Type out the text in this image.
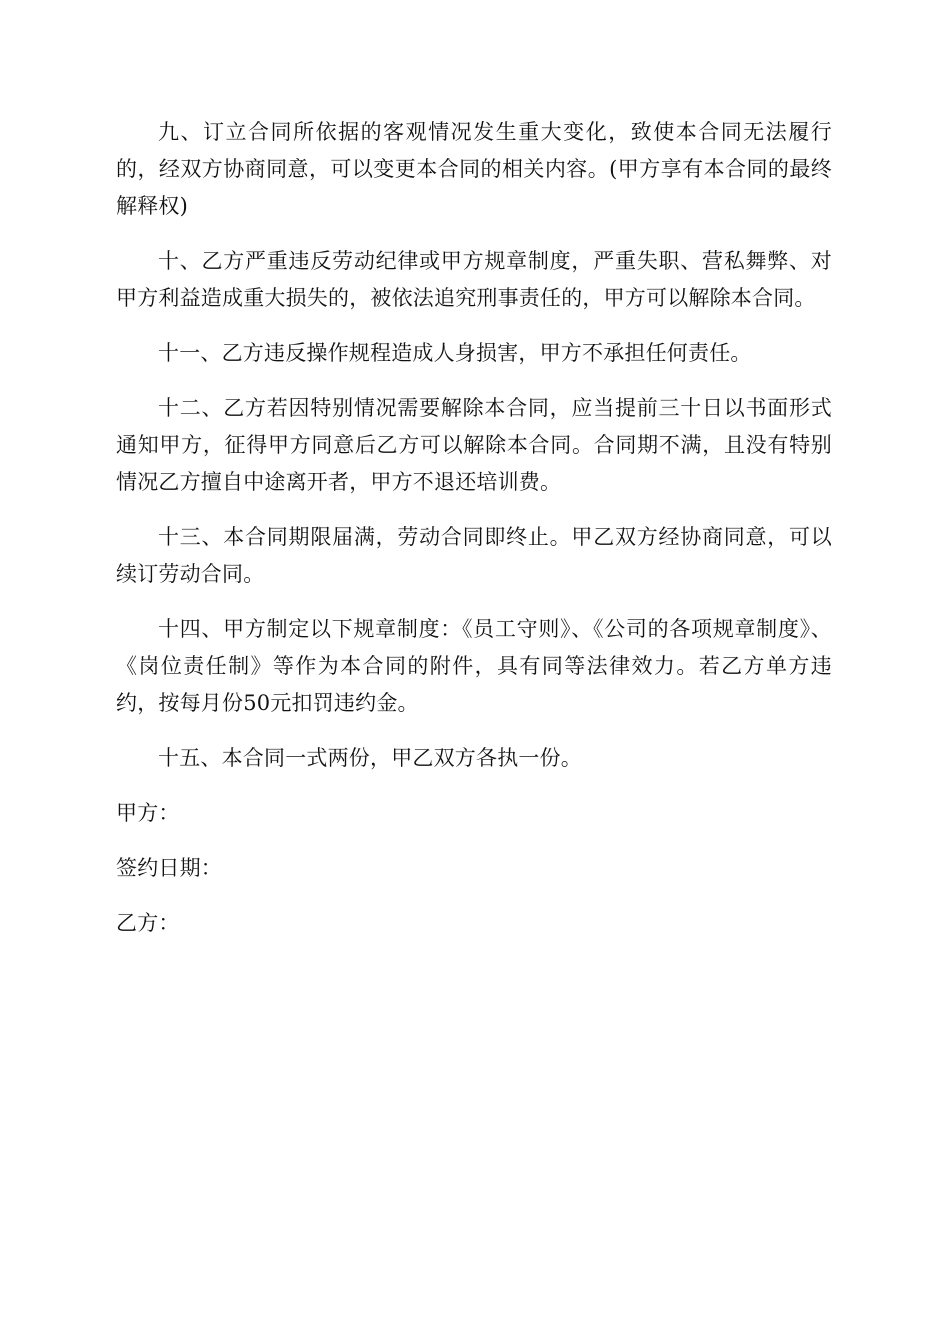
九、订立合同所依据的客观情况发生重大变化，致使本合同无法履行的，经双方协商同意，可以变更本合同的相关内容。(甲方享有本合同的最终解释权)

十、乙方严重违反劳动纪律或甲方规章制度，严重失职、营私舞弊、对甲方利益造成重大损失的，被依法追究刑事责任的，甲方可以解除本合同。

十一、乙方违反操作规程造成人身损害，甲方不承担任何责任。

十二、乙方若因特别情况需要解除本合同，应当提前三十日以书面形式通知甲方，征得甲方同意后乙方可以解除本合同。合同期不满，且没有特别情况乙方擅自中途离开者，甲方不退还培训费。

十三、本合同期限届满，劳动合同即终止。甲乙双方经协商同意，可以续订劳动合同。

十四、甲方制定以下规章制度：《员工守则》、《公司的各项规章制度》、《岗位责任制》等作为本合同的附件，具有同等法律效力。若乙方单方违约，按每月份50元扣罚违约金。

十五、本合同一式两份，甲乙双方各执一份。

甲方：

签约日期：

乙方：
